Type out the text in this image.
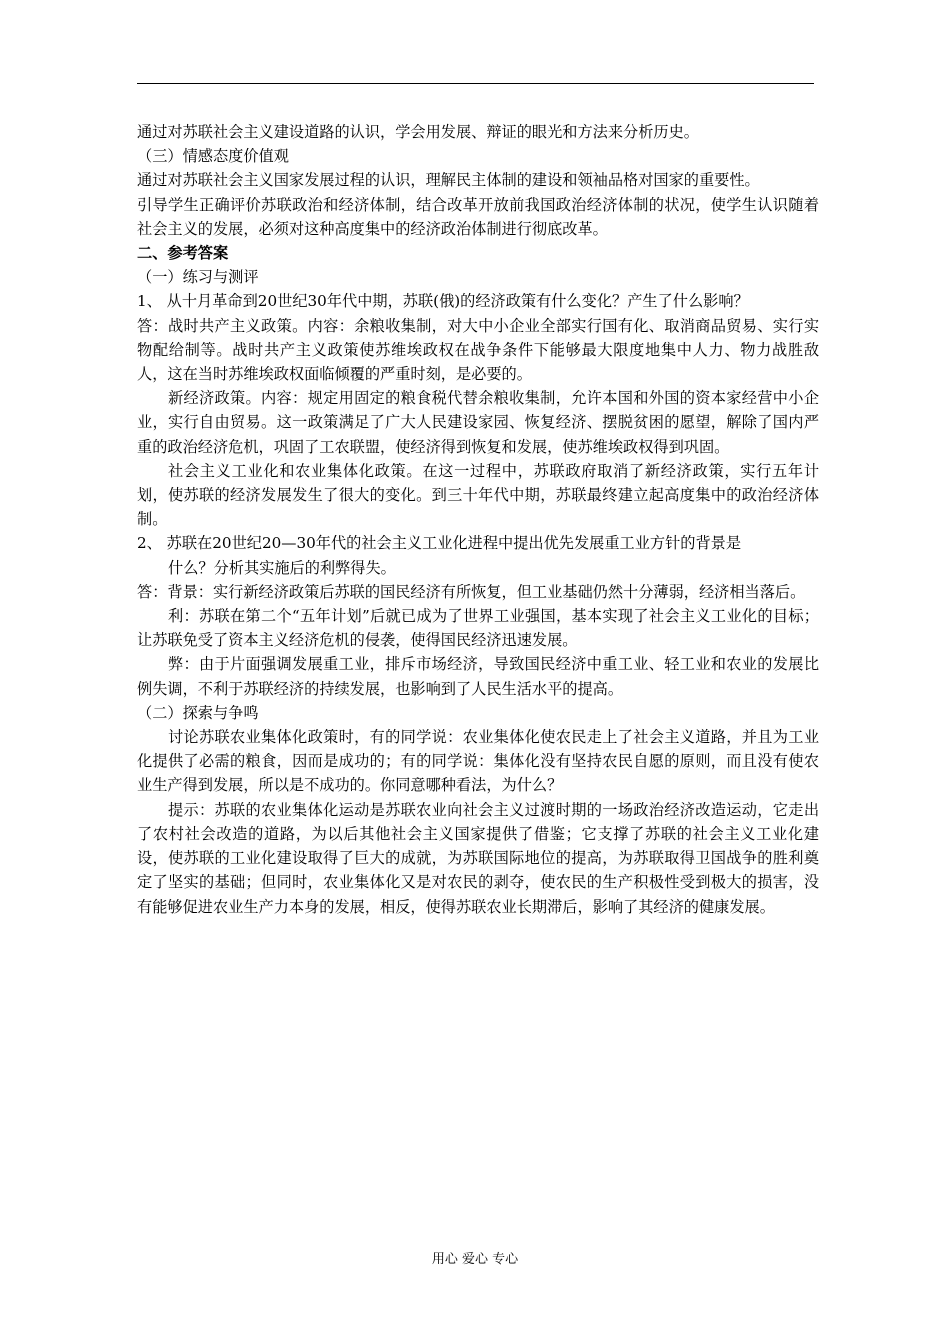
通过对苏联社会主义建设道路的认识，学会用发展、辩证的眼光和方法来分析历史。

（三）情感态度价值观

通过对苏联社会主义国家发展过程的认识，理解民主体制的建设和领袖品格对国家的重要性。

引导学生正确评价苏联政治和经济体制，结合改革开放前我国政治经济体制的状况，使学生认识随着社会主义的发展，必须对这种高度集中的经济政治体制进行彻底改革。

二、参考答案

（一）练习与测评

1、 从十月革命到20世纪30年代中期，苏联(俄)的经济政策有什么变化？产生了什么影响？

答：战时共产主义政策。内容：余粮收集制，对大中小企业全部实行国有化、取消商品贸易、实行实物配给制等。战时共产主义政策使苏维埃政权在战争条件下能够最大限度地集中人力、物力战胜敌人，这在当时苏维埃政权面临倾覆的严重时刻，是必要的。

新经济政策。内容：规定用固定的粮食税代替余粮收集制，允许本国和外国的资本家经营中小企业，实行自由贸易。这一政策满足了广大人民建设家园、恢复经济、摆脱贫困的愿望，解除了国内严重的政治经济危机，巩固了工农联盟，使经济得到恢复和发展，使苏维埃政权得到巩固。

社会主义工业化和农业集体化政策。在这一过程中，苏联政府取消了新经济政策，实行五年计划，使苏联的经济发展发生了很大的变化。到三十年代中期，苏联最终建立起高度集中的政治经济体制。

2、 苏联在20世纪20—30年代的社会主义工业化进程中提出优先发展重工业方针的背景是

什么？分析其实施后的利弊得失。

答：背景：实行新经济政策后苏联的国民经济有所恢复，但工业基础仍然十分薄弱，经济相当落后。

利：苏联在第二个“五年计划”后就已成为了世界工业强国，基本实现了社会主义工业化的目标；让苏联免受了资本主义经济危机的侵袭，使得国民经济迅速发展。

弊：由于片面强调发展重工业，排斥市场经济，导致国民经济中重工业、轻工业和农业的发展比例失调，不利于苏联经济的持续发展，也影响到了人民生活水平的提高。

（二）探索与争鸣

讨论苏联农业集体化政策时，有的同学说：农业集体化使农民走上了社会主义道路，并且为工业化提供了必需的粮食，因而是成功的；有的同学说：集体化没有坚持农民自愿的原则，而且没有使农业生产得到发展，所以是不成功的。你同意哪种看法，为什么？

提示：苏联的农业集体化运动是苏联农业向社会主义过渡时期的一场政治经济改造运动，它走出了农村社会改造的道路，为以后其他社会主义国家提供了借鉴；它支撑了苏联的社会主义工业化建设，使苏联的工业化建设取得了巨大的成就，为苏联国际地位的提高，为苏联取得卫国战争的胜利奠定了坚实的基础；但同时，农业集体化又是对农民的剥夺，使农民的生产积极性受到极大的损害，没有能够促进农业生产力本身的发展，相反，使得苏联农业长期滞后，影响了其经济的健康发展。

用心 爱心 专心
